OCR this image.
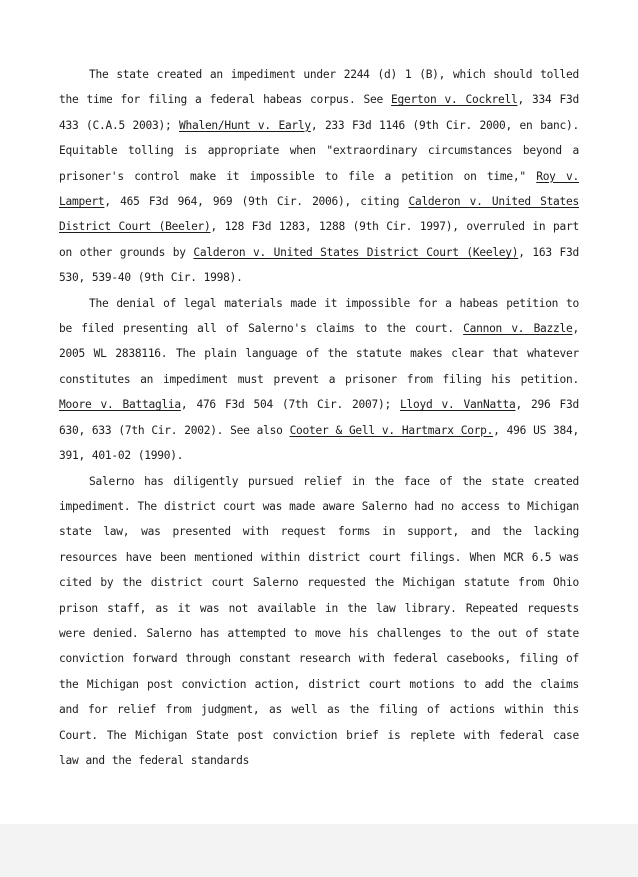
The state created an impediment under 2244 (d) 1 (B), which should tolled the time for filing a federal habeas corpus. See Egerton v. Cockrell, 334 F3d 433 (C.A.5 2003); Whalen/Hunt v. Early, 233 F3d 1146 (9th Cir. 2000, en banc). Equitable tolling is appropriate when "extraordinary circumstances beyond a prisoner's control make it impossible to file a petition on time," Roy v. Lampert, 465 F3d 964, 969 (9th Cir. 2006), citing Calderon v. United States District Court (Beeler), 128 F3d 1283, 1288 (9th Cir. 1997), overruled in part on other grounds by Calderon v. United States District Court (Keeley), 163 F3d 530, 539-40 (9th Cir. 1998).

The denial of legal materials made it impossible for a habeas petition to be filed presenting all of Salerno's claims to the court. Cannon v. Bazzle, 2005 WL 2838116. The plain language of the statute makes clear that whatever constitutes an impediment must prevent a prisoner from filing his petition. Moore v. Battaglia, 476 F3d 504 (7th Cir. 2007); Lloyd v. VanNatta, 296 F3d 630, 633 (7th Cir. 2002). See also Cooter & Gell v. Hartmarx Corp., 496 US 384, 391, 401-02 (1990).

Salerno has diligently pursued relief in the face of the state created impediment. The district court was made aware Salerno had no access to Michigan state law, was presented with request forms in support, and the lacking resources have been mentioned within district court filings. When MCR 6.5 was cited by the district court Salerno requested the Michigan statute from Ohio prison staff, as it was not available in the law library. Repeated requests were denied. Salerno has attempted to move his challenges to the out of state conviction forward through constant research with federal casebooks, filing of the Michigan post conviction action, district court motions to add the claims and for relief from judgment, as well as the filing of actions within this Court. The Michigan State post conviction brief is replete with federal case law and the federal standards
